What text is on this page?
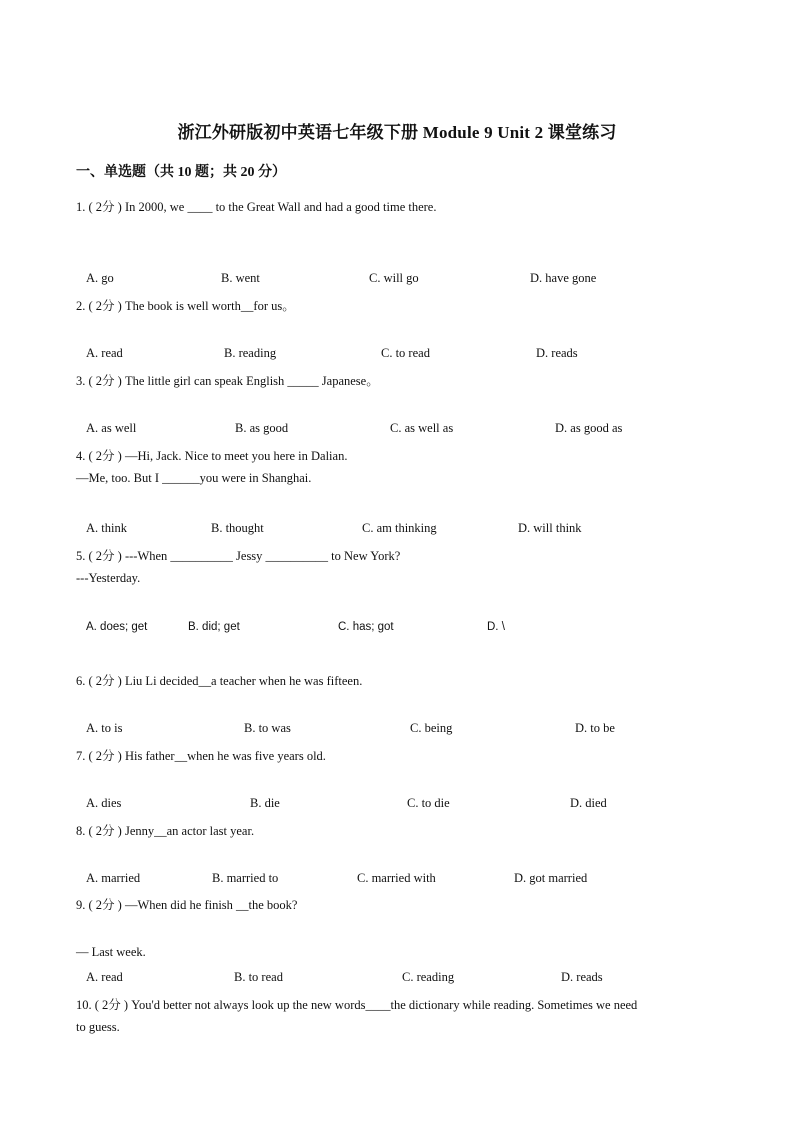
浙江外研版初中英语七年级下册 Module 9 Unit 2 课堂练习
一、单选题（共 10 题；共 20 分）
1. ( 2分 ) In 2000, we ____ to the Great Wall and had a good time there.
A. go	B. went	C. will go	D. have gone
2. ( 2分 ) The book is well worth__for us。
A. read	B. reading	C. to read	D. reads
3. ( 2分 ) The little girl can speak English _____ Japanese。
A. as well	B. as good	C. as well as	D. as good as
4. ( 2分 ) —Hi, Jack. Nice to meet you here in Dalian.
—Me, too. But I ______you were in Shanghai.
A. think	B. thought	C. am thinking	D. will think
5. ( 2分 ) ---When __________ Jessy __________ to New York?
---Yesterday.
A. does; get	B. did; get	C. has; got	D. \
6. ( 2分 ) Liu Li decided__a teacher when he was fifteen.
A. to is	B. to was	C. being	D. to be
7. ( 2分 ) His father__when he was five years old.
A. dies	B. die	C. to die	D. died
8. ( 2分 ) Jenny__an actor last year.
A. married	B. married to	C. married with	D. got married
9. ( 2分 ) —When did he finish __the book?
— Last week.
A. read	B. to read	C. reading	D. reads
10. ( 2分 ) You'd better not always look up the new words____the dictionary while reading. Sometimes we need
to guess.
